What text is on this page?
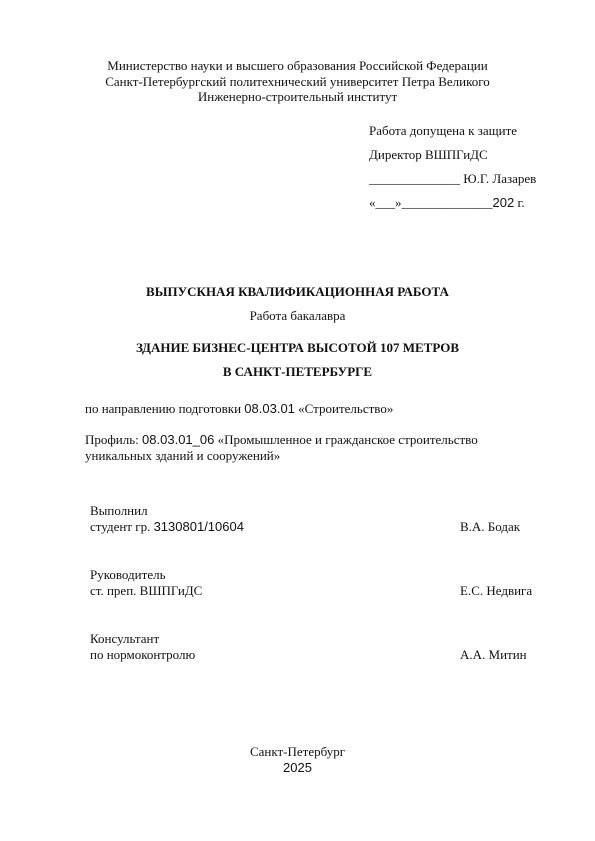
Министерство науки и высшего образования Российской Федерации
Санкт-Петербургский политехнический университет Петра Великого
Инженерно-строительный институт
Работа допущена к защите
Директор ВШПГиДС
______________ Ю.Г. Лазарев
«___»______________202 г.
ВЫПУСКНАЯ КВАЛИФИКАЦИОННАЯ РАБОТА
Работа бакалавра
ЗДАНИЕ БИЗНЕС-ЦЕНТРА ВЫСОТОЙ 107 МЕТРОВ
В САНКТ-ПЕТЕРБУРГЕ
по направлению подготовки 08.03.01 «Строительство»
Профиль: 08.03.01_06 «Промышленное и гражданское строительство
уникальных зданий и сооружений»
Выполнил
студент гр. 3130801/10604	В.А. Бодак
Руководитель
ст. преп. ВШПГиДС	Е.С. Недвига
Консультант
по нормоконтролю	А.А. Митин
Санкт-Петербург
2025
